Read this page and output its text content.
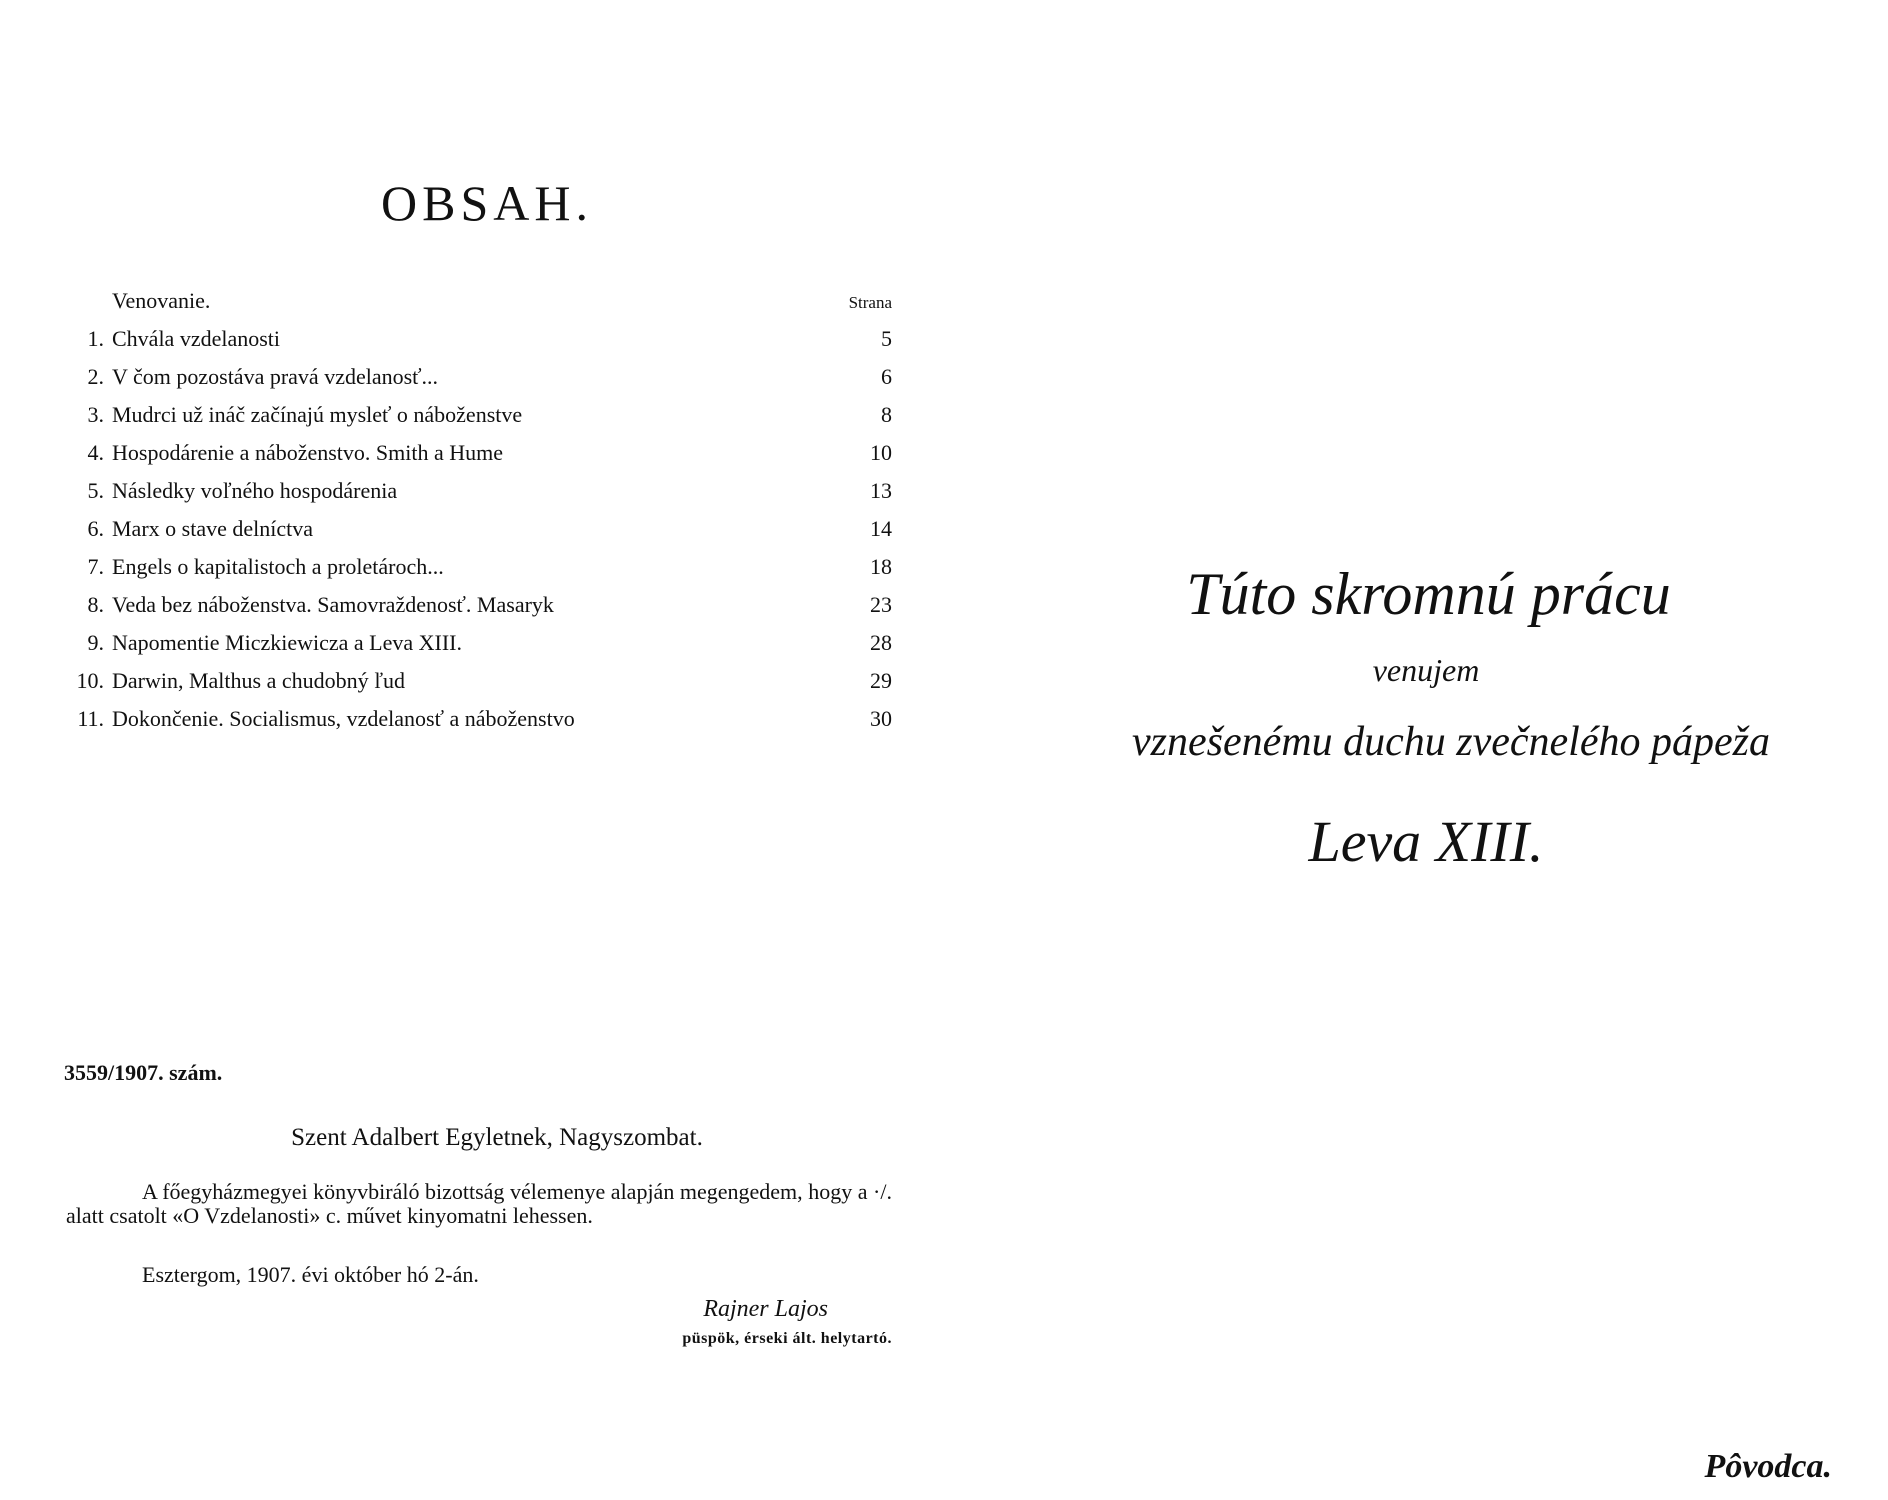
OBSAH.
Venovanie.	Strana
1. Chvála vzdelanosti	5
2. V čom pozostáva pravá vzdelanosť...	6
3. Mudrci už ináč začínajú mysleť o náboženstve	8
4. Hospodárenie a náboženstvo. Smith a Hume	10
5. Následky voľného hospodárenia	13
6. Marx o stave delníctva	14
7. Engels o kapitalistoch a proletároch...	18
8. Veda bez náboženstva. Samovraždenosť. Masaryk	23
9. Napomentie Miczkiewicza a Leva XIII.	28
10. Darwin, Malthus a chudobný ľud	29
11. Dokončenie. Socialismus, vzdelanosť a náboženstvo	30
3559/1907. szám.
Szent Adalbert Egyletnek, Nagyszombat.

A főegyházmegyei könyvbiráló bizottság vélemenye alapján megengedem, hogy a ·/. alatt csatolt «O Vzdelanosti» c. művet kinyomatni lehessen.

Esztergom, 1907. évi október hó 2-án.
Rajner Lajos
püspök, érseki ált. helytartó.
Túto skromnú prácu
venujem
vznešenému duchu zvečnelého pápeža
Leva XIII.
Pôvodca.
